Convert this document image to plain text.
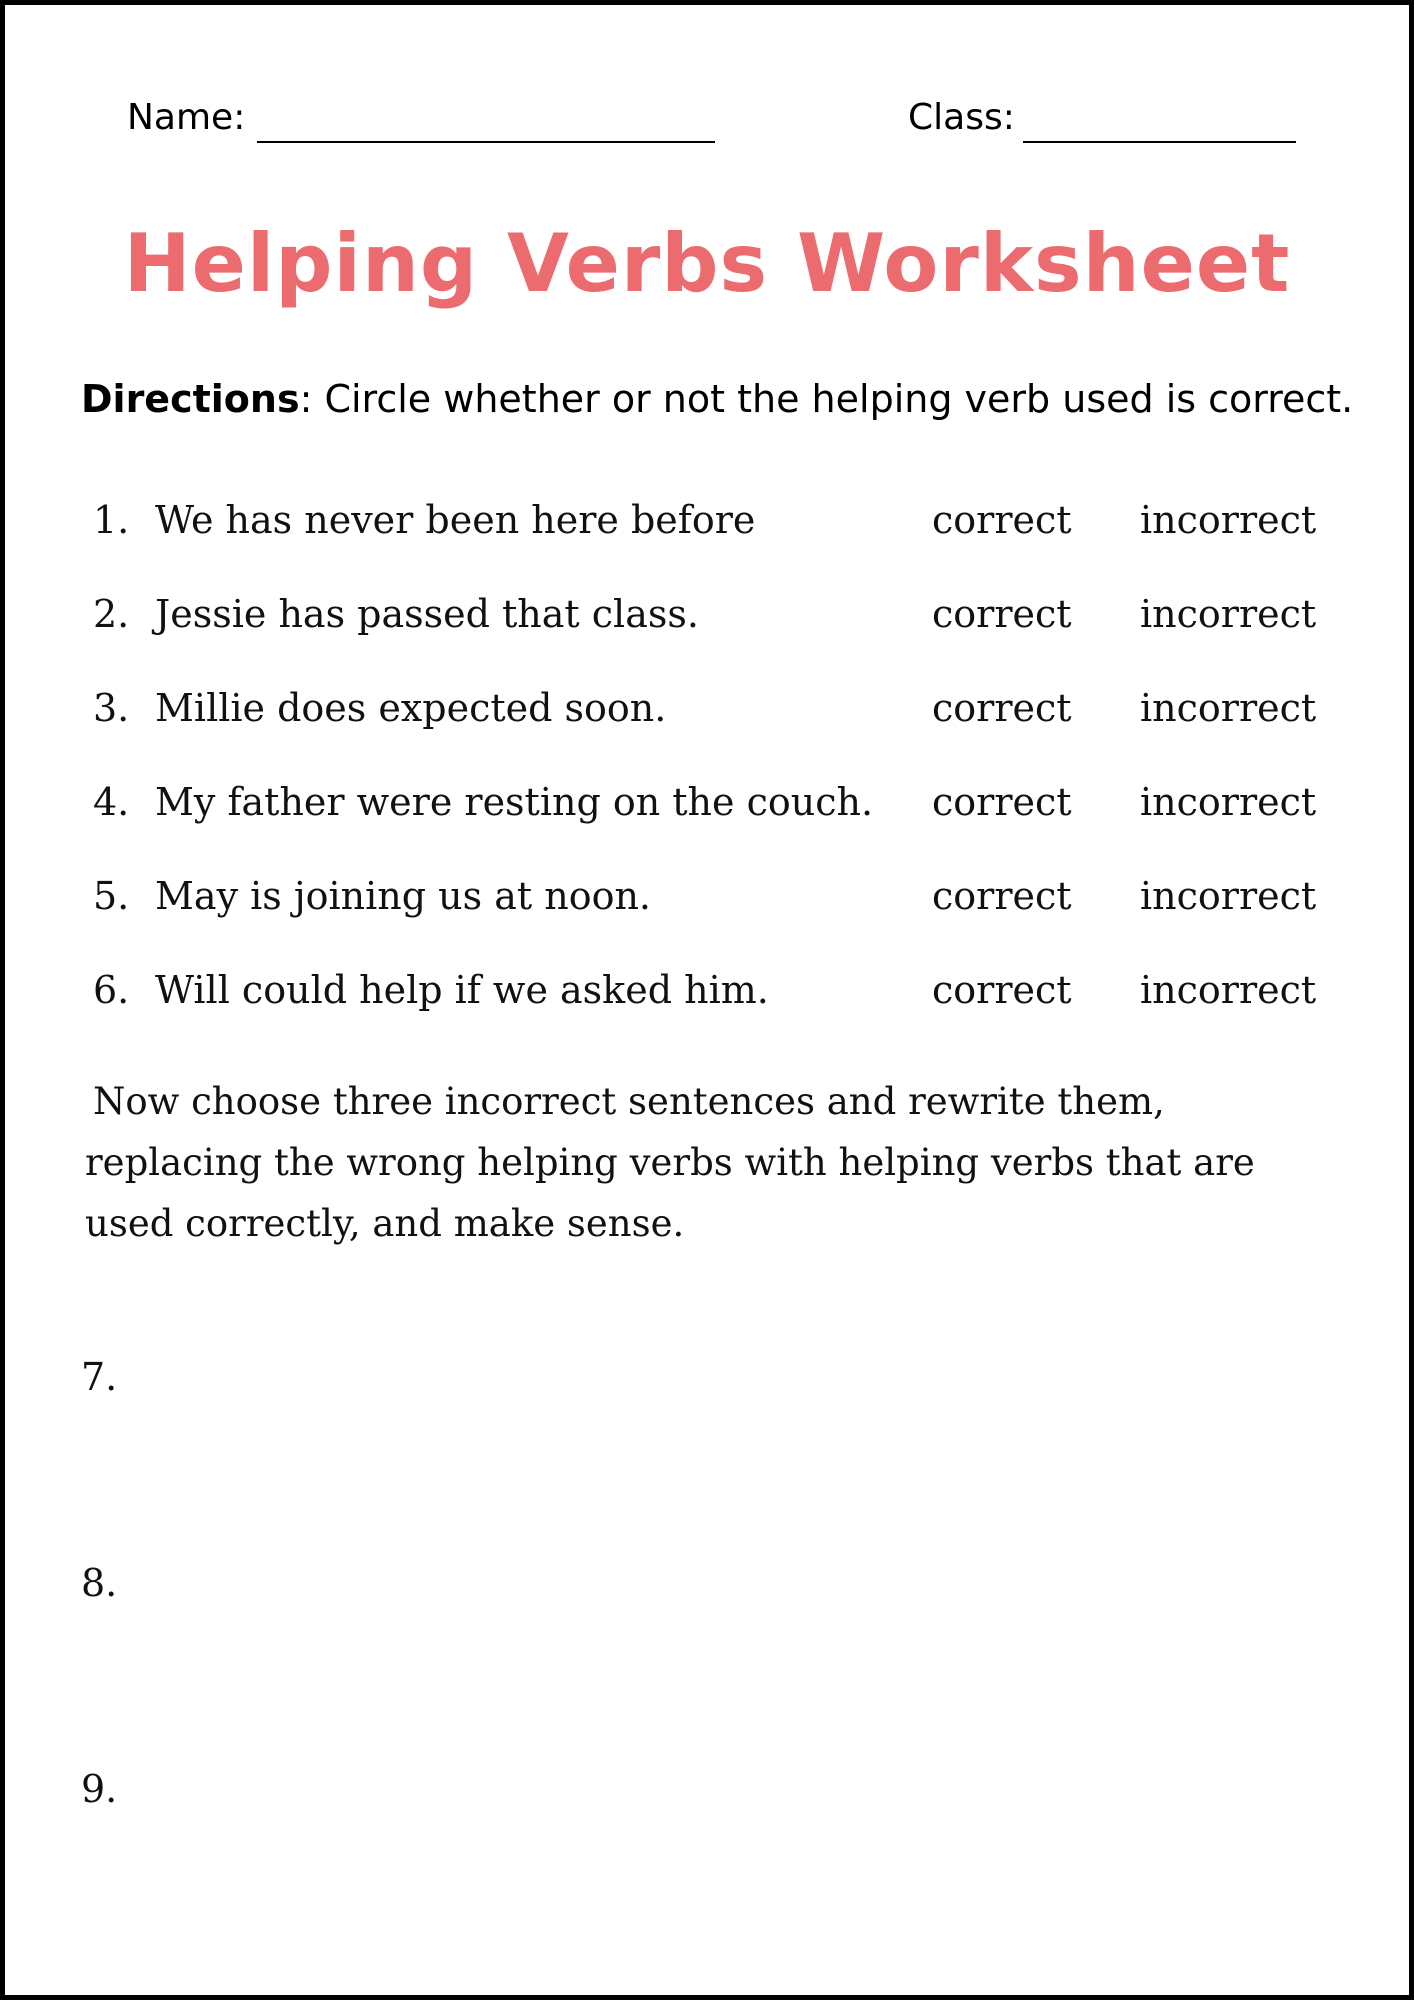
Name:	Class:
Helping Verbs Worksheet
Directions: Circle whether or not the helping verb used is correct.
1. We has never been here before	correct incorrect
2. Jessie has passed that class.	correct incorrect
3. Millie does expected soon.	correct incorrect
4. My father were resting on the couch. correct incorrect
5. May is joining us at noon.	correct incorrect
6. Will could help if we asked him.	correct incorrect
Now choose three incorrect sentences and rewrite them, replacing the wrong helping verbs with helping verbs that are used correctly, and make sense.
7.
8.
9.
